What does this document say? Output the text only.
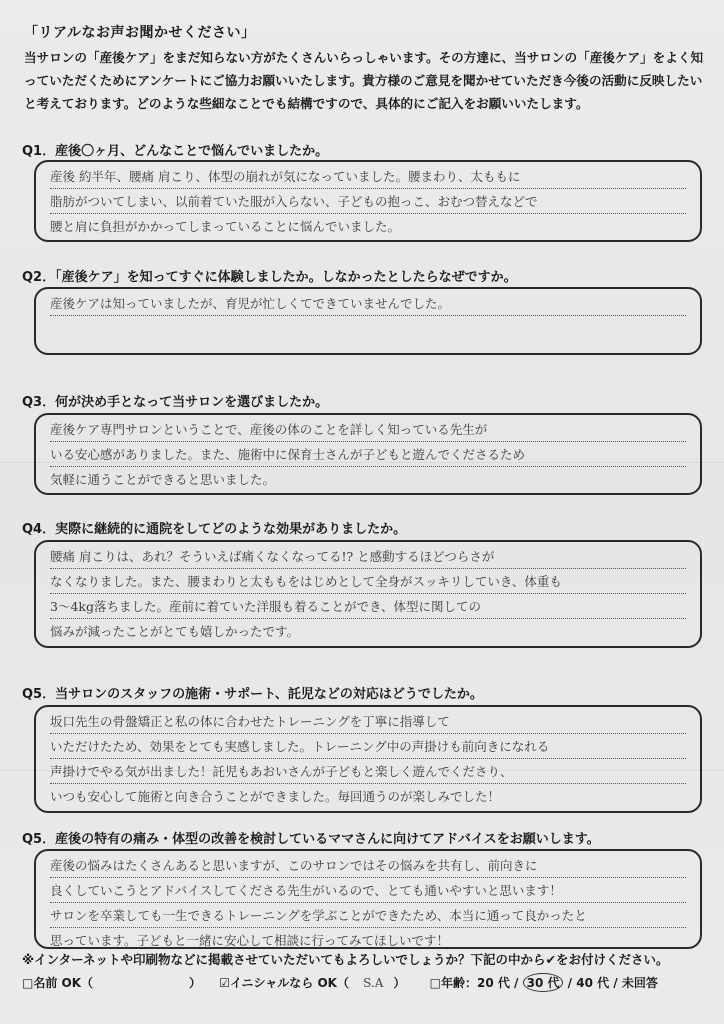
「リアルなお声お聞かせください」
当サロンの「産後ケア」をまだ知らない方がたくさんいらっしゃいます。その方達に、当サロンの「産後ケア」をよく知っていただくためにアンケートにご協力お願いいたします。貴方様のご意見を聞かせていただき今後の活動に反映したいと考えております。どのような些細なことでも結構ですので、具体的にご記入をお願いいたします。
Q1．産後〇ヶ月、どんなことで悩んでいましたか。
産後 約半年、腰痛 肩こり、体型の崩れが気になっていました。腰まわり、太ももに
脂肪がついてしまい、以前着ていた服が入らない、子どもの抱っこ、おむつ替えなどで
腰と肩に負担がかかってしまっていることに悩んでいました。
Q2．「産後ケア」を知ってすぐに体験しましたか。しなかったとしたらなぜですか。
産後ケアは知っていましたが、育児が忙しくてできていませんでした。
Q3．何が決め手となって当サロンを選びましたか。
産後ケア専門サロンということで、産後の体のことを詳しく知っている先生が
いる安心感がありました。また、施術中に保育士さんが子どもと遊んでくださるため
気軽に通うことができると思いました。
Q4．実際に継続的に通院をしてどのような効果がありましたか。
腰痛 肩こりは、あれ？そういえば痛くなくなってる!? と感動するほどつらさが
なくなりました。また、腰まわりと太ももをはじめとして全身がスッキリしていき、体重も
3〜4kg落ちました。産前に着ていた洋服も着ることができ、体型に関しての
悩みが減ったことがとても嬉しかったです。
Q5．当サロンのスタッフの施術・サポート、託児などの対応はどうでしたか。
坂口先生の骨盤矯正と私の体に合わせたトレーニングを丁寧に指導して
いただけたため、効果をとても実感しました。トレーニング中の声掛けも前向きになれる
声掛けでやる気が出ました！託児もあおいさんが子どもと楽しく遊んでくださり、
いつも安心して施術と向き合うことができました。毎回通うのが楽しみでした！
Q5．産後の特有の痛み・体型の改善を検討しているママさんに向けてアドバイスをお願いします。
産後の悩みはたくさんあると思いますが、このサロンではその悩みを共有し、前向きに
良くしていこうとアドバイスしてくださる先生がいるので、とても通いやすいと思います！
サロンを卒業しても一生できるトレーニングを学ぶことができたため、本当に通って良かったと
思っています。子どもと一緒に安心して相談に行ってみてほしいです！
※インターネットや印刷物などに掲載させていただいてもよろしいでしょうか？下記の中から✔をお付けください。
□名前 OK（　　　　　　　　） ☑イニシャルなら OK（ S.A ） □年齢：20 代 / 30 代 / 40 代 / 未回答
